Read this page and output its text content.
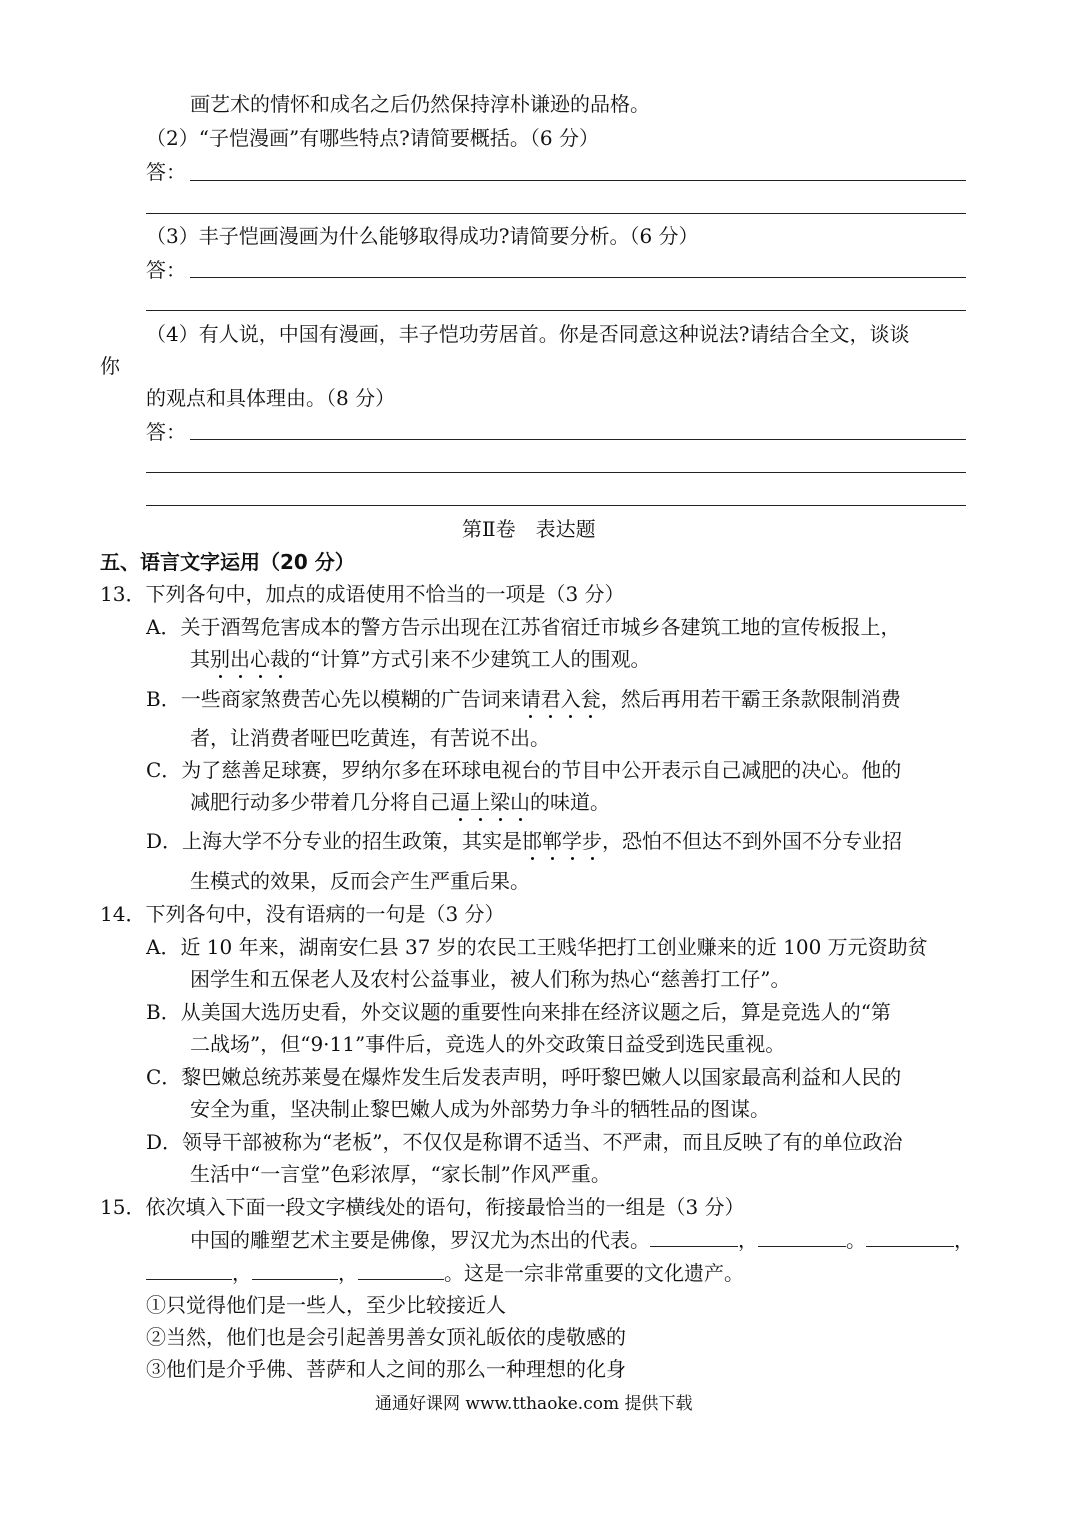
画艺术的情怀和成名之后仍然保持淳朴谦逊的品格。
（2）“子恺漫画”有哪些特点?请简要概括。（6 分）
答：
（3）丰子恺画漫画为什么能够取得成功?请简要分析。（6 分）
答：
（4）有人说，中国有漫画，丰子恺功劳居首。你是否同意这种说法?请结合全文，谈谈
你
的观点和具体理由。（8 分）
答：
第Ⅱ卷　表达题
五、语言文字运用（20 分）
13．下列各句中，加点的成语使用不恰当的一项是（3 分）
A．关于酒驾危害成本的警方告示出现在江苏省宿迁市城乡各建筑工地的宣传板报上，
其别出心裁的“计算”方式引来不少建筑工人的围观。
B．一些商家煞费苦心先以模糊的广告词来请君入瓮，然后再用若干霸王条款限制消费
者，让消费者哑巴吃黄连，有苦说不出。
C．为了慈善足球赛，罗纳尔多在环球电视台的节目中公开表示自己减肥的决心。他的
减肥行动多少带着几分将自己逼上梁山的味道。
D．上海大学不分专业的招生政策，其实是邯郸学步，恐怕不但达不到外国不分专业招
生模式的效果，反而会产生严重后果。
14．下列各句中，没有语病的一句是（3 分）
A．近 10 年来，湖南安仁县 37 岁的农民工王贱华把打工创业赚来的近 100 万元资助贫
困学生和五保老人及农村公益事业，被人们称为热心“慈善打工仔”。
B．从美国大选历史看，外交议题的重要性向来排在经济议题之后，算是竞选人的“第
二战场”，但“9·11”事件后，竞选人的外交政策日益受到选民重视。
C．黎巴嫩总统苏莱曼在爆炸发生后发表声明，呼吁黎巴嫩人以国家最高利益和人民的
安全为重，坚决制止黎巴嫩人成为外部势力争斗的牺牲品的图谋。
D．领导干部被称为“老板”，不仅仅是称谓不适当、不严肃，而且反映了有的单位政治
生活中“一言堂”色彩浓厚，“家长制”作风严重。
15．依次填入下面一段文字横线处的语句，衔接最恰当的一组是（3 分）
中国的雕塑艺术主要是佛像，罗汉尤为杰出的代表。	，	。	，
，	，	。这是一宗非常重要的文化遗产。
①只觉得他们是一些人，至少比较接近人
②当然，他们也是会引起善男善女顶礼皈依的虔敬感的
③他们是介乎佛、菩萨和人之间的那么一种理想的化身
通通好课网 www.tthaoke.com 提供下载
